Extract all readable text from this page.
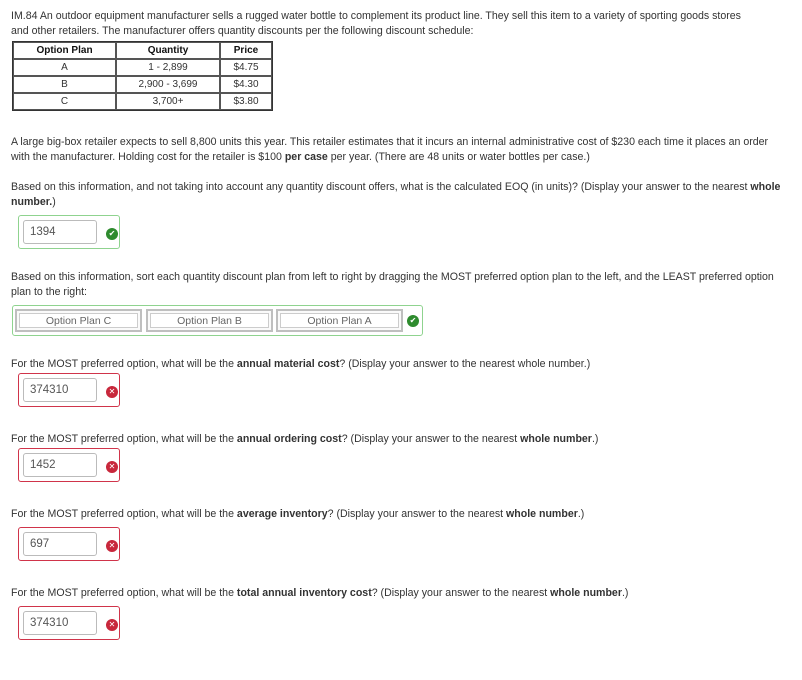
IM.84 An outdoor equipment manufacturer sells a rugged water bottle to complement its product line. They sell this item to a variety of sporting goods stores
and other retailers. The manufacturer offers quantity discounts per the following discount schedule:
Option Plan	Quantity	Price
A	1 - 2,899	$4.75
B	2,900 - 3,699	$4.30
C	3,700+	$3.80
A large big-box retailer expects to sell 8,800 units this year. This retailer estimates that it incurs an internal administrative cost of $230 each time it places an order with the manufacturer. Holding cost for the retailer is $100 per case per year. (There are 48 units or water bottles per case.)
Based on this information, and not taking into account any quantity discount offers, what is the calculated EOQ (in units)? (Display your answer to the nearest whole number.)
1394
✔
Based on this information, sort each quantity discount plan from left to right by dragging the MOST preferred option plan to the left, and the LEAST preferred option plan to the right:
Option Plan C	Option Plan B	Option Plan A	✔
For the MOST preferred option, what will be the annual material cost? (Display your answer to the nearest whole number.)
374310
✕
For the MOST preferred option, what will be the annual ordering cost? (Display your answer to the nearest whole number.)
1452
✕
For the MOST preferred option, what will be the average inventory? (Display your answer to the nearest whole number.)
697
✕
For the MOST preferred option, what will be the total annual inventory cost? (Display your answer to the nearest whole number.)
374310
✕
